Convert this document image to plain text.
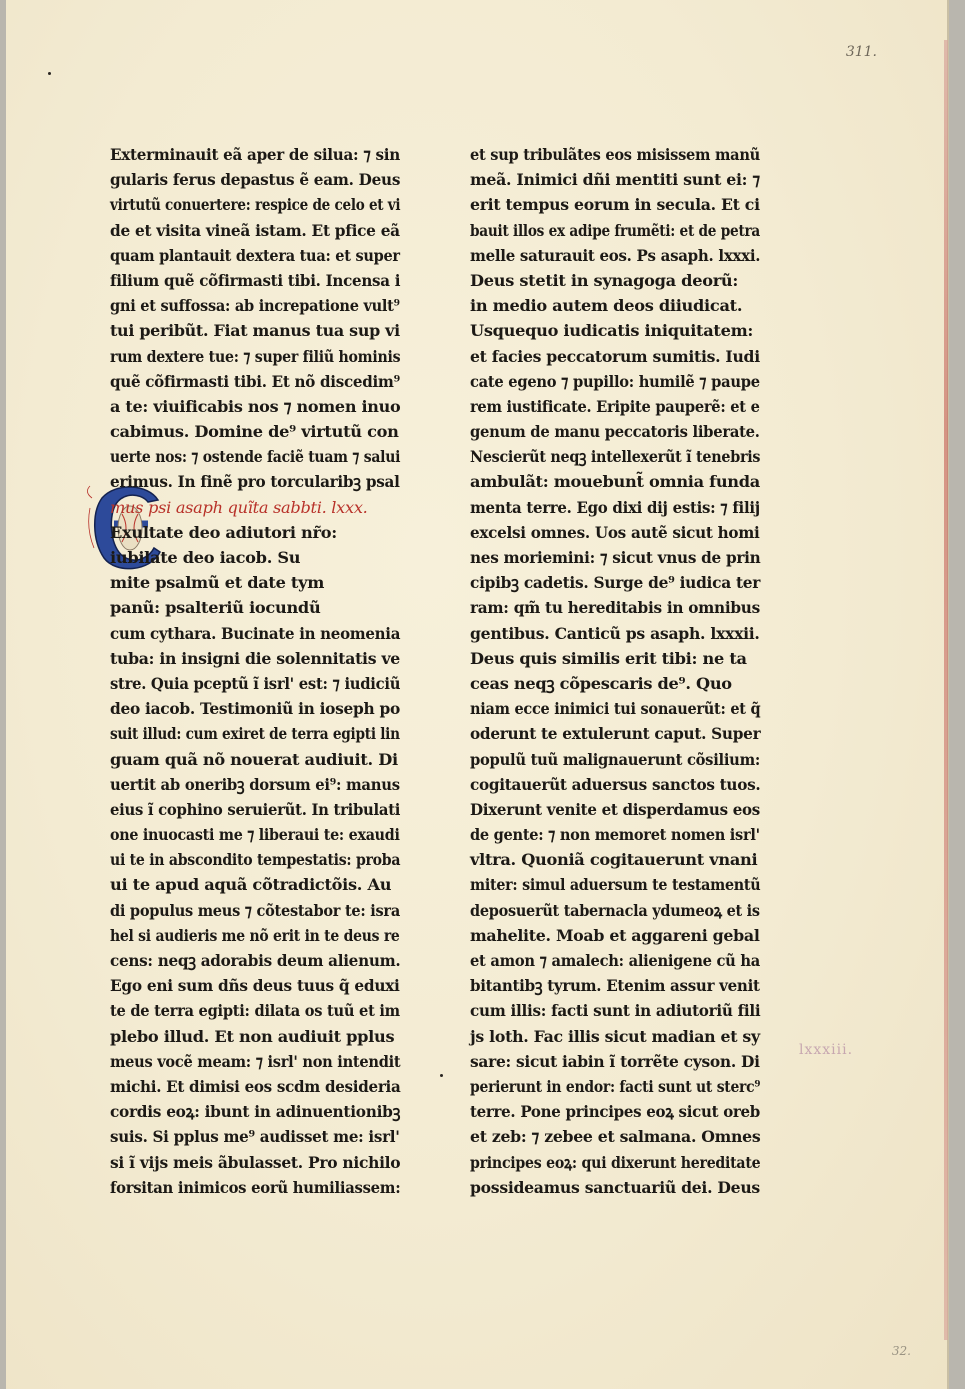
311.
32.
lxxxiii.
Exterminauit eã aper de silua: ⁊ sin
gularis ferus depastus ẽ eam. Deus
virtutũ conuertere: respice de celo et vi
de et visita vineã istam. Et pfice eã
quam plantauit dextera tua: et super
filium quẽ cõfirmasti tibi. Incensa i
gni et suffossa: ab increpatione vult⁹
tui peribũt. Fiat manus tua sup vi
rum dextere tue: ⁊ super filiũ hominis
quẽ cõfirmasti tibi. Et nõ discedim⁹
a te: viuificabis nos ⁊ nomen inuo
cabimus. Domine de⁹ virtutũ con
uerte nos: ⁊ ostende faciẽ tuam ⁊ salui
erimus. In finẽ pro torcularibꝫ psal
mus psi asaph quĩta sabbti. lxxx.
Exultate deo adiutori nr̃o:
iubilate deo iacob. Su
mite psalmũ et date tym
panũ: psalteriũ iocundũ
cum cythara. Bucinate in neomenia
tuba: in insigni die solennitatis ve
stre. Quia pceptũ ĩ isrl' est: ⁊ iudiciũ
deo iacob. Testimoniũ in ioseph po
suit illud: cum exiret de terra egipti lin
guam quã nõ nouerat audiuit. Di
uertit ab oneribꝫ dorsum ei⁹: manus
eius ĩ cophino seruierũt. In tribulati
one inuocasti me ⁊ liberaui te: exaudi
ui te in abscondito tempestatis: proba
ui te apud aquã cõtradictõis. Au
di populus meus ⁊ cõtestabor te: isra
hel si audieris me nõ erit in te deus re
cens: neqꝫ adorabis deum alienum.
Ego eni sum dñs deus tuus q̃ eduxi
te de terra egipti: dilata os tuũ et im
plebo illud. Et non audiuit pplus
meus vocẽ meam: ⁊ isrl' non intendit
michi. Et dimisi eos scdm desideria
cordis eoꝝ: ibunt in adinuentionibꝫ
suis. Si pplus me⁹ audisset me: isrl'
si ĩ vijs meis ãbulasset. Pro nichilo
forsitan inimicos eorũ humiliassem:
et sup tribulãtes eos misissem manũ
meã. Inimici dñi mentiti sunt ei: ⁊
erit tempus eorum in secula. Et ci
bauit illos ex adipe frumẽti: et de petra
melle saturauit eos. Ps asaph. lxxxi.
Deus stetit in synagoga deorũ:
in medio autem deos diiudicat.
Usquequo iudicatis iniquitatem:
et facies peccatorum sumitis. Iudi
cate egeno ⁊ pupillo: humilẽ ⁊ paupe
rem iustificate. Eripite pauperẽ: et e
genum de manu peccatoris liberate.
Nescierũt neqꝫ intellexerũt ĩ tenebris
ambulãt: mouebunt̃ omnia funda
menta terre. Ego dixi dij estis: ⁊ filij
excelsi omnes. Uos autẽ sicut homi
nes moriemini: ⁊ sicut vnus de prin
cipibꝫ cadetis. Surge de⁹ iudica ter
ram: qm̃ tu hereditabis in omnibus
gentibus. Canticũ ps asaph. lxxxii.
Deus quis similis erit tibi: ne ta
ceas neqꝫ cõpescaris de⁹. Quo
niam ecce inimici tui sonauerũt: et q̃
oderunt te extulerunt caput. Super
populũ tuũ malignauerunt cõsilium:
cogitauerũt aduersus sanctos tuos.
Dixerunt venite et disperdamus eos
de gente: ⁊ non memoret nomen isrl'
vltra. Quoniã cogitauerunt vnani
miter: simul aduersum te testamentũ
deposuerũt tabernacla ydumeoꝝ et is
mahelite. Moab et aggareni gebal
et amon ⁊ amalech: alienigene cũ ha
bitantibꝫ tyrum. Etenim assur venit
cum illis: facti sunt in adiutoriũ fili
js loth. Fac illis sicut madian et sy
sare: sicut iabin ĩ torrẽte cyson. Di
perierunt in endor: facti sunt ut sterc⁹
terre. Pone principes eoꝝ sicut oreb
et zeb: ⁊ zebee et salmana. Omnes
principes eoꝝ: qui dixerunt hereditate
possideamus sanctuariũ dei. Deus
